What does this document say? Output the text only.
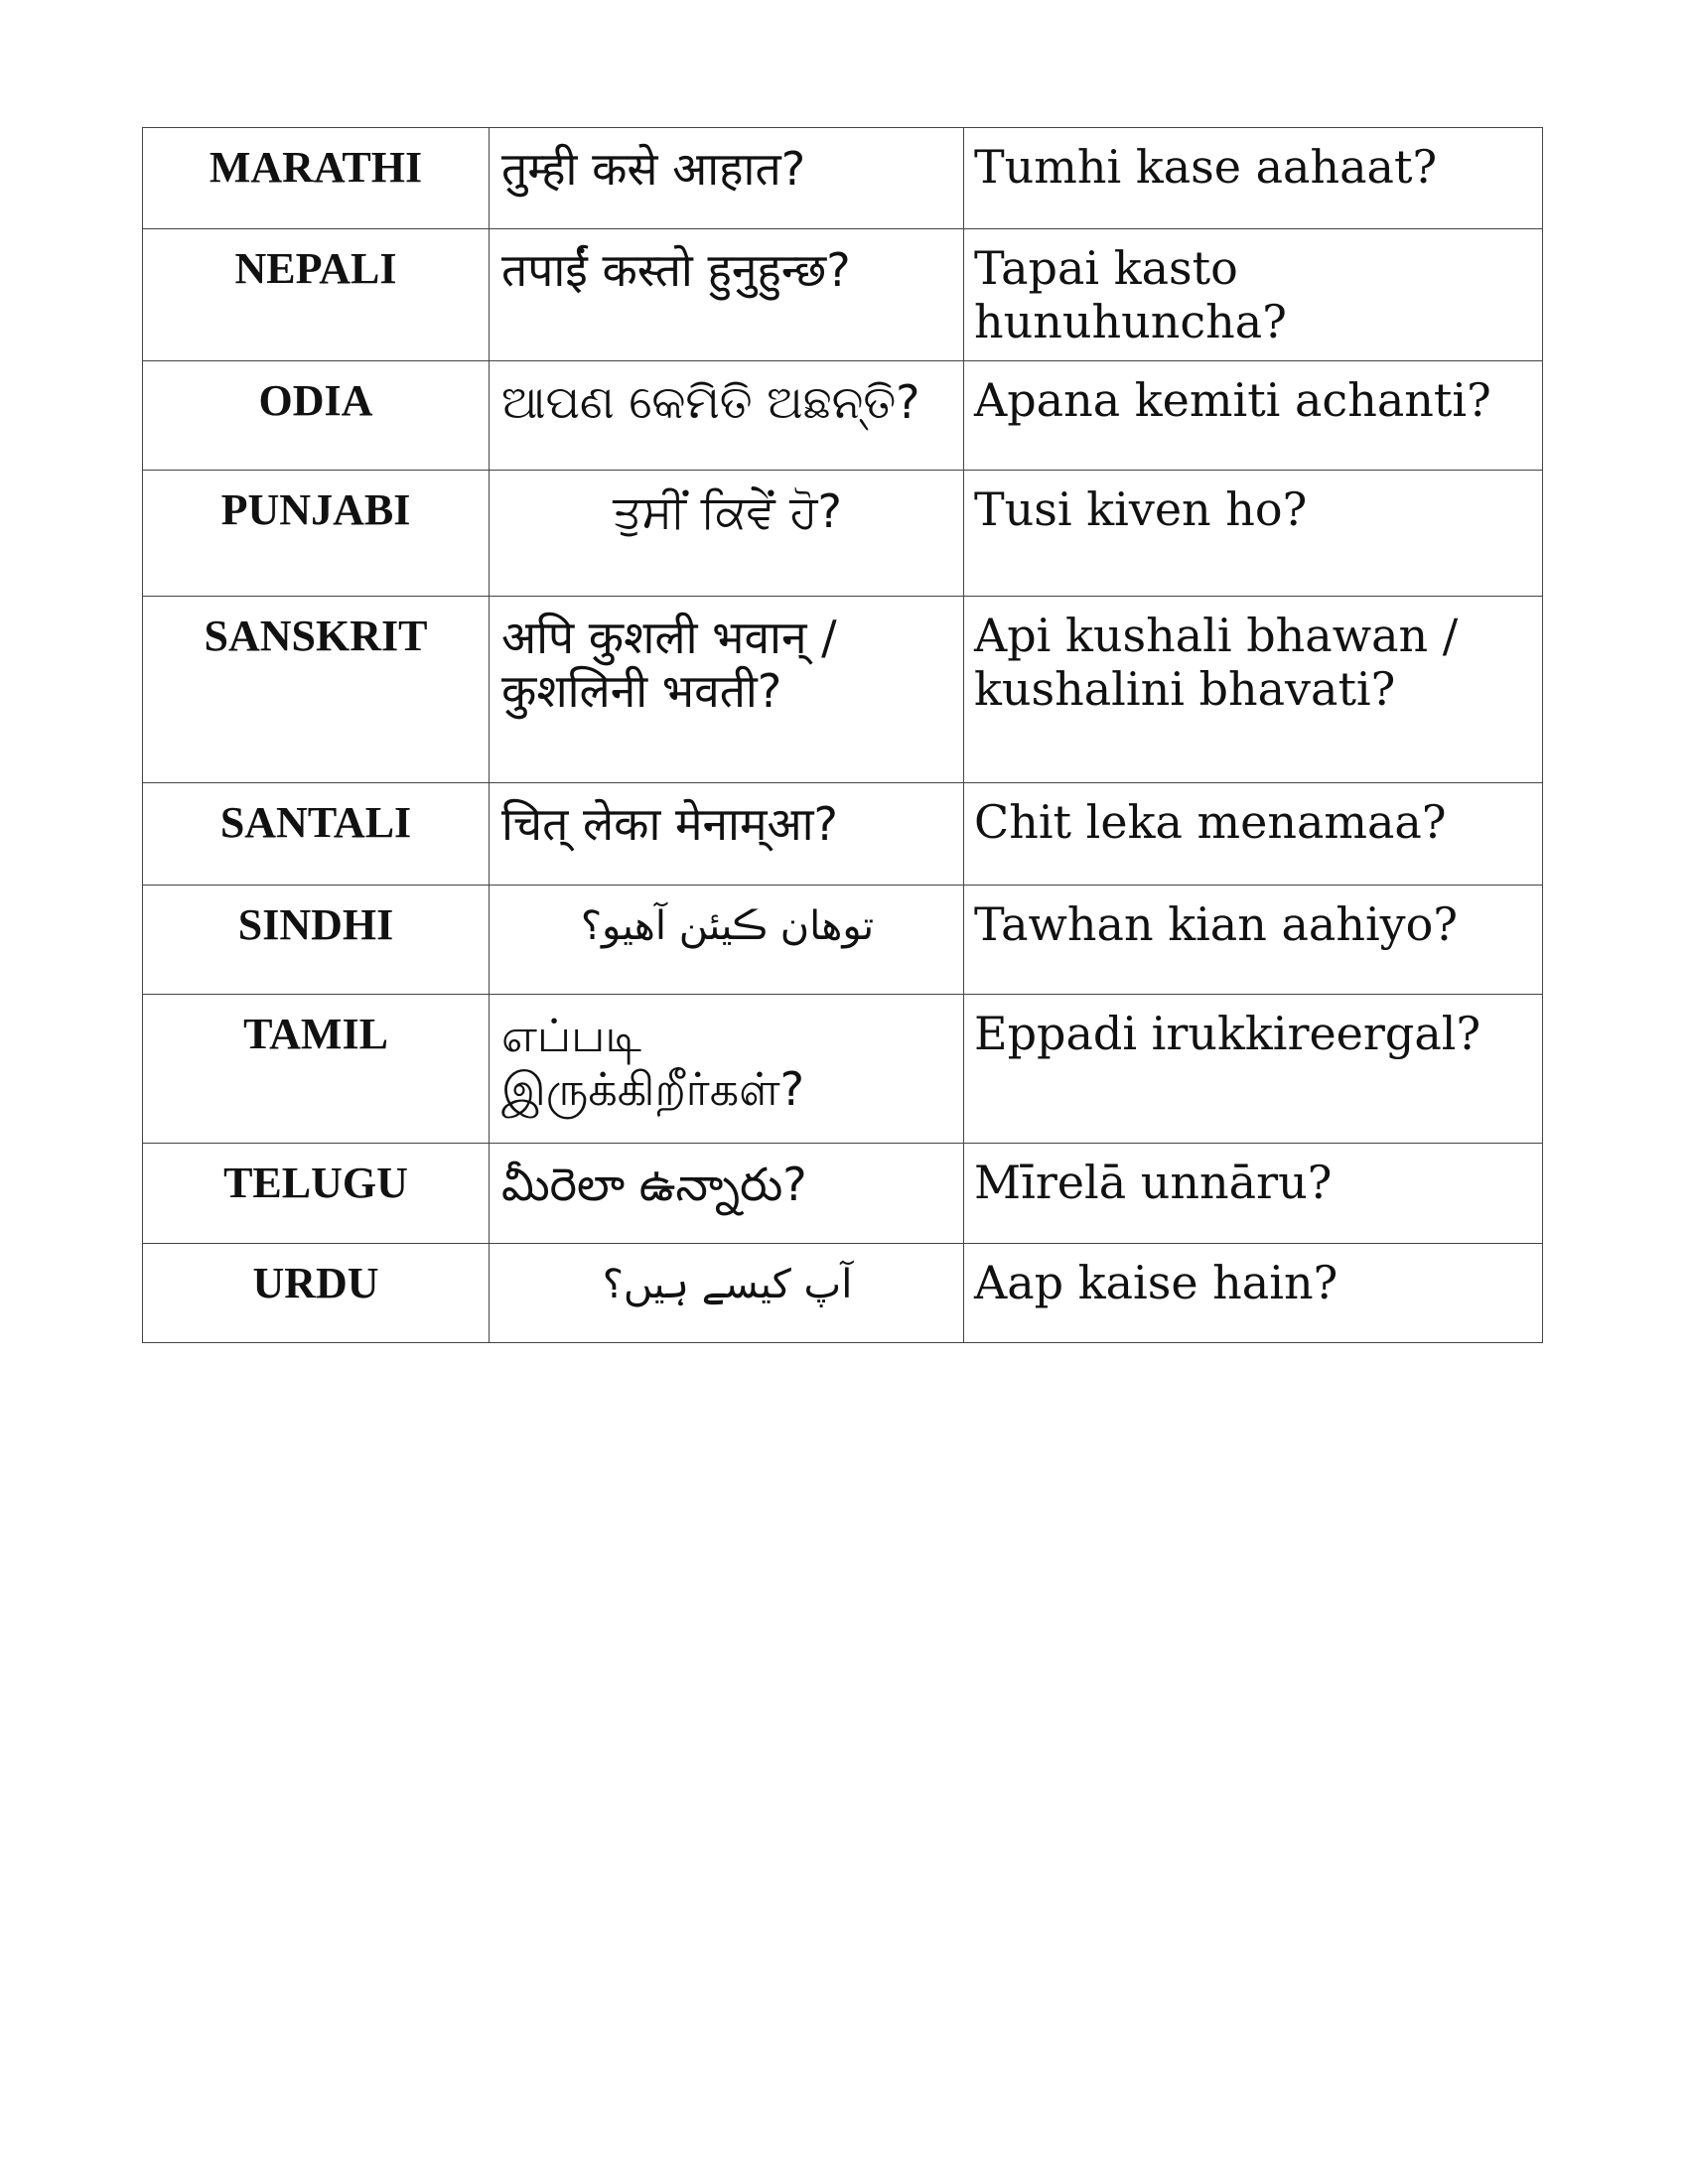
MARATHI	तुम्ही कसे आहात?	Tumhi kase aahaat?
NEPALI	तपाईं कस्तो हुनुहुन्छ?	Tapai kasto hunuhuncha?
ODIA	ଆପଣ କେମିତି ଅଛନ୍ତି?	Apana kemiti achanti?
PUNJABI	ਤੁਸੀਂ ਕਿਵੇਂ ਹੋ?	Tusi kiven ho?
SANSKRIT	अपि कुशली भवान् /कुशलिनी भवती?	Api kushali bhawan / kushalini bhavati?
SANTALI	चित् लेका मेनाम्आ?	Chit leka menamaa?
SINDHI	توهان ڪيئن آهيو؟	Tawhan kian aahiyo?
TAMIL	எப்படி இருக்கிறீர்கள்?	Eppadi irukkireergal?
TELUGU	మీరెలా ఉన్నారు?	Mīrelā unnāru?
URDU	آپ کیسے ہیں؟	Aap kaise hain?
